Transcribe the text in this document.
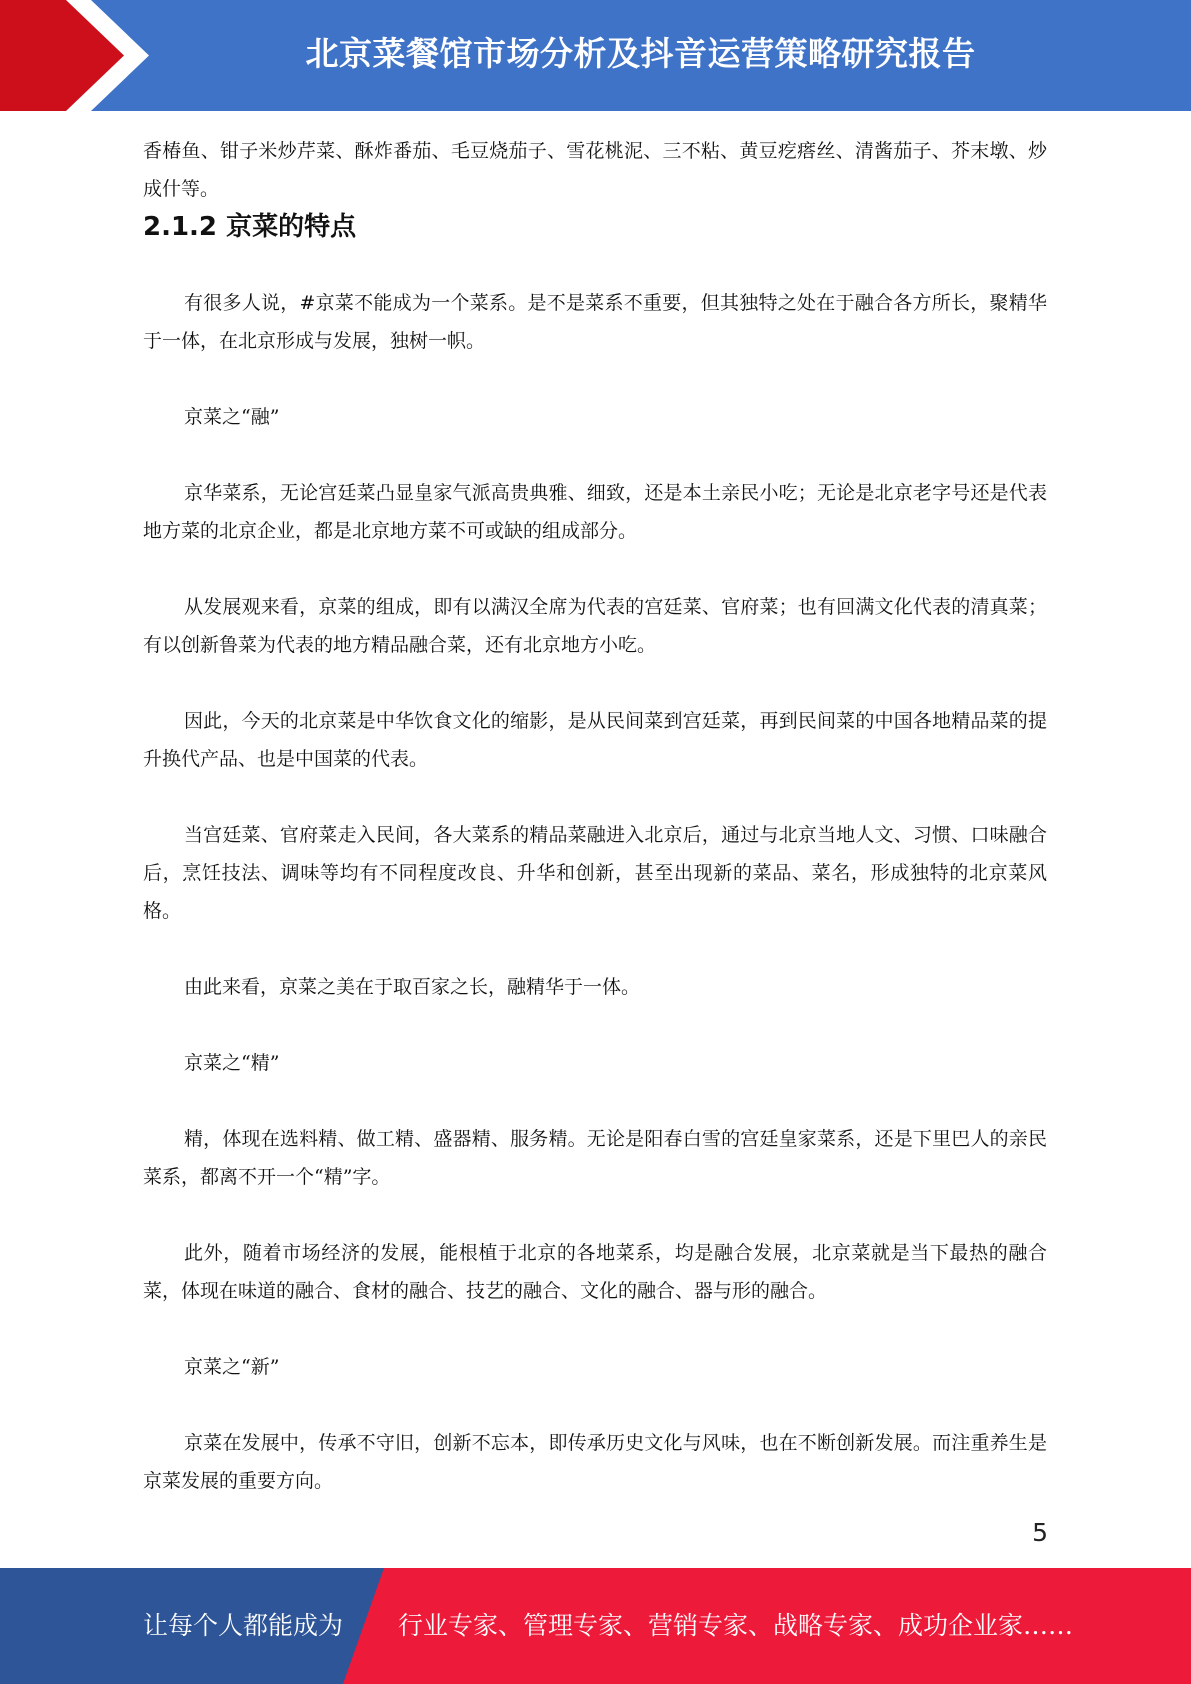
北京菜餐馆市场分析及抖音运营策略研究报告

香椿鱼、钳子米炒芹菜、酥炸番茄、毛豆烧茄子、雪花桃泥、三不粘、黄豆疙瘩丝、清酱茄子、芥末墩、炒成什等。

2.1.2 京菜的特点

有很多人说，#京菜不能成为一个菜系。是不是菜系不重要，但其独特之处在于融合各方所长，聚精华于一体，在北京形成与发展，独树一帜。

京菜之“融”

京华菜系，无论宫廷菜凸显皇家气派高贵典雅、细致，还是本土亲民小吃；无论是北京老字号还是代表地方菜的北京企业，都是北京地方菜不可或缺的组成部分。

从发展观来看，京菜的组成，即有以满汉全席为代表的宫廷菜、官府菜；也有回满文化代表的清真菜；有以创新鲁菜为代表的地方精品融合菜，还有北京地方小吃。

因此，今天的北京菜是中华饮食文化的缩影，是从民间菜到宫廷菜，再到民间菜的中国各地精品菜的提升换代产品、也是中国菜的代表。

当宫廷菜、官府菜走入民间，各大菜系的精品菜融进入北京后，通过与北京当地人文、习惯、口味融合后，烹饪技法、调味等均有不同程度改良、升华和创新，甚至出现新的菜品、菜名，形成独特的北京菜风格。

由此来看，京菜之美在于取百家之长，融精华于一体。

京菜之“精”

精，体现在选料精、做工精、盛器精、服务精。无论是阳春白雪的宫廷皇家菜系，还是下里巴人的亲民菜系，都离不开一个“精”字。

此外，随着市场经济的发展，能根植于北京的各地菜系，均是融合发展，北京菜就是当下最热的融合菜，体现在味道的融合、食材的融合、技艺的融合、文化的融合、器与形的融合。

京菜之“新”

京菜在发展中，传承不守旧，创新不忘本，即传承历史文化与风味，也在不断创新发展。而注重养生是京菜发展的重要方向。

5
让每个人都能成为 行业专家、管理专家、营销专家、战略专家、成功企业家……
